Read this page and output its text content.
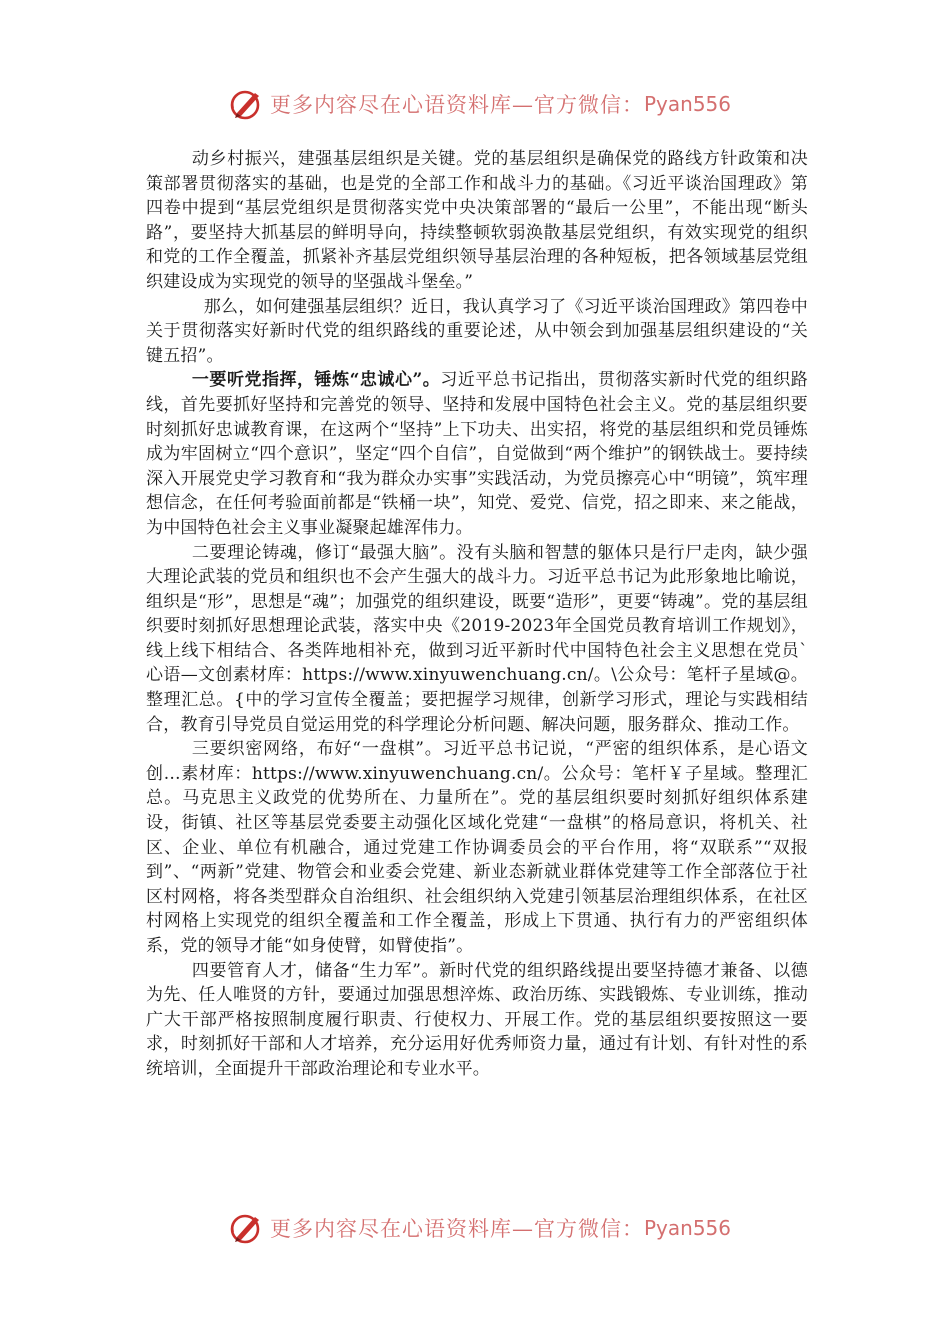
更多内容尽在心语资料库—官方微信： Pyan556

动乡村振兴，建强基层组织是关键。党的基层组织是确保党的路线方针政策和决策部署贯彻落实的基础，也是党的全部工作和战斗力的基础。《习近平谈治国理政》第四卷中提到“基层党组织是贯彻落实党中央决策部署的“最后一公里”，不能出现“断头路”，要坚持大抓基层的鲜明导向，持续整顿软弱涣散基层党组织，有效实现党的组织和党的工作全覆盖，抓紧补齐基层党组织领导基层治理的各种短板，把各领域基层党组织建设成为实现党的领导的坚强战斗堡垒。”

那么，如何建强基层组织？近日，我认真学习了《习近平谈治国理政》第四卷中关于贯彻落实好新时代党的组织路线的重要论述，从中领会到加强基层组织建设的“关键五招”。

一要听党指挥，锤炼“忠诚心”。习近平总书记指出，贯彻落实新时代党的组织路线，首先要抓好坚持和完善党的领导、坚持和发展中国特色社会主义。党的基层组织要时刻抓好忠诚教育课，在这两个“坚持”上下功夫、出实招，将党的基层组织和党员锤炼成为牢固树立“四个意识”，坚定“四个自信”，自觉做到“两个维护”的钢铁战士。要持续深入开展党史学习教育和“我为群众办实事”实践活动，为党员擦亮心中“明镜”，筑牢理想信念，在任何考验面前都是“铁桶一块”，知党、爱党、信党，招之即来、来之能战，为中国特色社会主义事业凝聚起雄浑伟力。

二要理论铸魂，修订“最强大脑”。没有头脑和智慧的躯体只是行尸走肉，缺少强大理论武装的党员和组织也不会产生强大的战斗力。习近平总书记为此形象地比喻说，组织是“形”，思想是“魂”；加强党的组织建设，既要“造形”，更要“铸魂”。党的基层组织要时刻抓好思想理论武装，落实中央《2019-2023年全国党员教育培训工作规划》，线上线下相结合、各类阵地相补充，做到习近平新时代中国特色社会主义思想在党员`心语—文创素材库：https://www.xinyuwenchuang.cn/。\公众号：笔杆子星域@。整理汇总。{中的学习宣传全覆盖；要把握学习规律，创新学习形式，理论与实践相结合，教育引导党员自觉运用党的科学理论分析问题、解决问题，服务群众、推动工作。

三要织密网络，布好“一盘棋”。习近平总书记说，“严密的组织体系，是心语文创…素材库：https://www.xinyuwenchuang.cn/。公众号：笔杆￥子星域。整理汇总。马克思主义政党的优势所在、力量所在”。党的基层组织要时刻抓好组织体系建设，街镇、社区等基层党委要主动强化区域化党建“一盘棋”的格局意识，将机关、社区、企业、单位有机融合，通过党建工作协调委员会的平台作用，将“双联系”“双报到”、“两新”党建、物管会和业委会党建、新业态新就业群体党建等工作全部落位于社区村网格，将各类型群众自治组织、社会组织纳入党建引领基层治理组织体系，在社区村网格上实现党的组织全覆盖和工作全覆盖，形成上下贯通、执行有力的严密组织体系，党的领导才能“如身使臂，如臂使指”。

四要管育人才，储备“生力军”。新时代党的组织路线提出要坚持德才兼备、以德为先、任人唯贤的方针，要通过加强思想淬炼、政治历练、实践锻炼、专业训练，推动广大干部严格按照制度履行职责、行使权力、开展工作。党的基层组织要按照这一要求，时刻抓好干部和人才培养，充分运用好优秀师资力量，通过有计划、有针对性的系统培训，全面提升干部政治理论和专业水平。

更多内容尽在心语资料库—官方微信： Pyan556
